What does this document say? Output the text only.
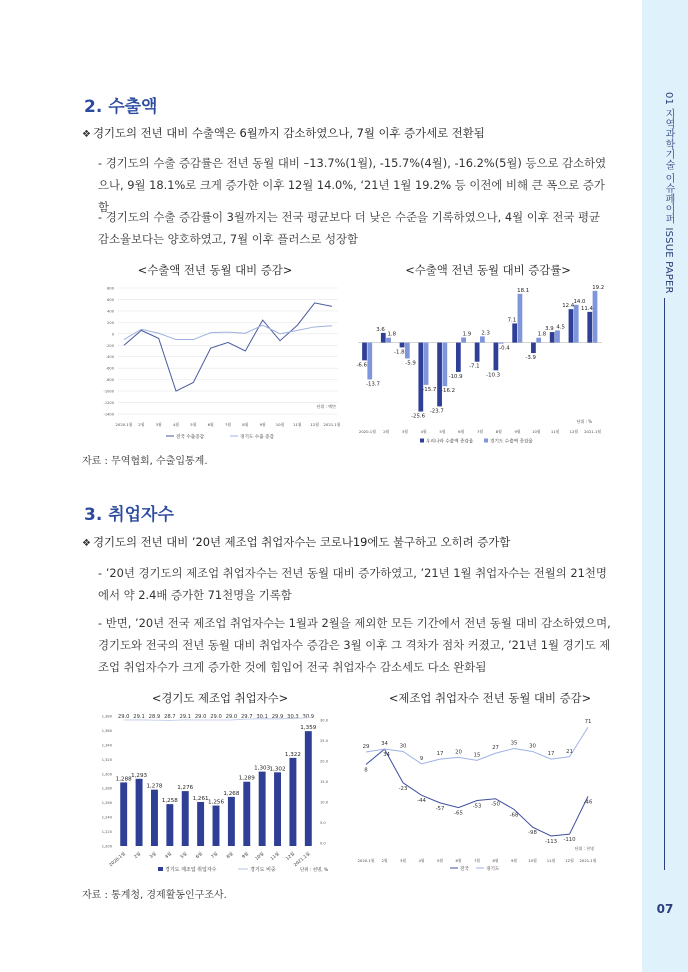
01 지역과학기술 이슈페이퍼 ISSUE PAPER
07
2. 수출액
❖ 경기도의 전년 대비 수출액은 6월까지 감소하였으나, 7월 이후 증가세로 전환됨
- 경기도의 수출 증감률은 전년 동월 대비 –13.7%(1월), -15.7%(4월), -16.2%(5월) 등으로 감소하였으나, 9월 18.1%로 크게 증가한 이후 12월 14.0%, ‘21년 1월 19.2% 등 이전에 비해 큰 폭으로 증가함
- 경기도의 수출 증감률이 3월까지는 전국 평균보다 더 낮은 수준을 기록하였으나, 4월 이후 전국 평균 감소율보다는 양호하였고, 7월 이후 플러스로 성장함
<수출액 전년 동월 대비 증감>	<수출액 전년 동월 대비 증감률>
800
600
400
200
0
-200
-400
-600
-800
-1000
-1200
-1400
2020.1월 2월	3월	4월	5월	6월	7월	8월	9월	10월 11월 12월 2021.1월
단위 : 백만
전국 수출증감	경기도 수출 증감
-6.6
-13.7
2020.1월
3.6
1.8
2월
-1.8
-5.9
3월
-25.6
-15.7
4월
-23.7
-16.2
5월
-10.9
1.9
6월
-7.1
2.3
7월
-10.3
-0.4
8월
7.1
18.1
9월
-3.9
1.8
10월
3.9 4.5
11월
12.4
14.0
12월
11.4
19.2
2021.1월
단위 : %
우리나라 수출액 증감율	경기도 수출액 증감율
자료 : 무역협회, 수출입통계.
3. 취업자수
❖ 경기도의 전년 대비 ’20년 제조업 취업자수는 코로나19에도 불구하고 오히려 증가함
- ’20년 경기도의 제조업 취업자수는 전년 동월 대비 증가하였고, ’21년 1월 취업자수는 전월의 21천명에서 약 2.4배 증가한 71천명을 기록함
- 반면, ’20년 전국 제조업 취업자수는 1월과 2월을 제외한 모든 기간에서 전년 동월 대비 감소하였으며, 경기도와 전국의 전년 동월 대비 취업자수 증감은 3월 이후 그 격차가 점차 커졌고, ’21년 1월 경기도 제조업 취업자수가 크게 증가한 것에 힘입어 전국 취업자수 감소세도 다소 완화됨
<경기도 제조업 취업자수>	<제조업 취업자수 전년 동월 대비 증감>
1,380
1,360
1,340
1,320
1,300
1,280
1,260
1,240
1,220
1,200
30.0
25.0
20.0
15.0
10.0
5.0
0.0
1,288
29.0
2020.1월
1,293
29.1
2월
1,278
28.9
3월
1,258
28.7
4월
1,276
29.1
5월
1,261
29.0
6월
1,256
29.0
7월
1,268
29.0
8월
1,289
29.7
9월
1,303
30.1
10월
1,302
29.9
11월
1,322
30.3
12월
1,359
30.9
2021.1월
경기도 제조업 취업자수	경기도 비중	단위 : 천명, %
8
34
-23
-44
-57
-65
-53 -50
-68
-98
-113 -110
-46
29 34 30
9
17 20 15
27
35 30
17 21
71
2020.1월 2월	3월	4월	5월	6월	7월	8월	9월	10월	11월	12월 2021.1월
단위 : 천명
전국	경기도
자료 : 통계청, 경제활동인구조사.
